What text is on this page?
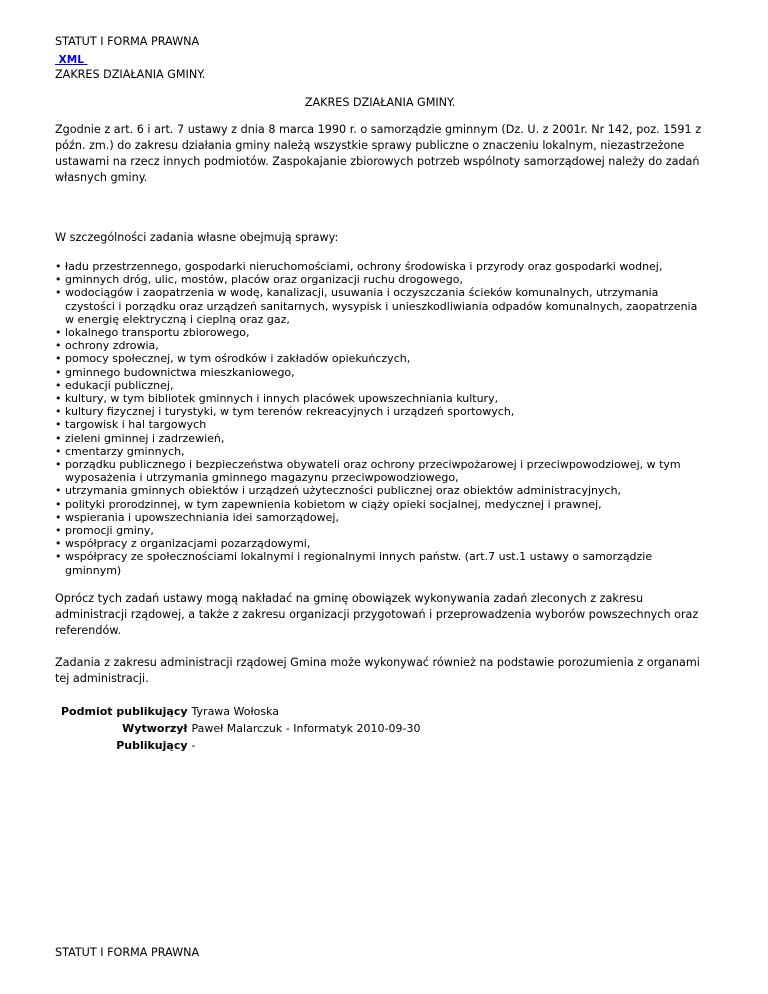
STATUT I FORMA PRAWNA
XML
ZAKRES DZIAŁANIA GMINY.
ZAKRES DZIAŁANIA GMINY.

Zgodnie z art. 6 i art. 7 ustawy z dnia 8 marca 1990 r. o samorządzie gminnym (Dz. U. z 2001r. Nr 142, poz. 1591 z późn. zm.) do zakresu działania gminy należą wszystkie sprawy publiczne o znaczeniu lokalnym, niezastrzeżone ustawami na rzecz innych podmiotów. Zaspokajanie zbiorowych potrzeb wspólnoty samorządowej należy do zadań własnych gminy.

W szczególności zadania własne obejmują sprawy:

• ładu przestrzennego, gospodarki nieruchomościami, ochrony środowiska i przyrody oraz gospodarki wodnej,
• gminnych dróg, ulic, mostów, placów oraz organizacji ruchu drogowego,
• wodociągów i zaopatrzenia w wodę, kanalizacji, usuwania i oczyszczania ścieków komunalnych, utrzymania czystości i porządku oraz urządzeń sanitarnych, wysypisk i unieszkodliwiania odpadów komunalnych, zaopatrzenia w energię elektryczną i cieplną oraz gaz,
• lokalnego transportu zbiorowego,
• ochrony zdrowia,
• pomocy społecznej, w tym ośrodków i zakładów opiekuńczych,
• gminnego budownictwa mieszkaniowego,
• edukacji publicznej,
• kultury, w tym bibliotek gminnych i innych placówek upowszechniania kultury,
• kultury fizycznej i turystyki, w tym terenów rekreacyjnych i urządzeń sportowych,
• targowisk i hal targowych
• zieleni gminnej i zadrzewień,
• cmentarzy gminnych,
• porządku publicznego i bezpieczeństwa obywateli oraz ochrony przeciwpożarowej i przeciwpowodziowej, w tym wyposażenia i utrzymania gminnego magazynu przeciwpowodziowego,
• utrzymania gminnych obiektów i urządzeń użyteczności publicznej oraz obiektów administracyjnych,
• polityki prorodzinnej, w tym zapewnienia kobietom w ciąży opieki socjalnej, medycznej i prawnej,
• wspierania i upowszechniania idei samorządowej,
• promocji gminy,
• współpracy z organizacjami pozarządowymi,
• współpracy ze społecznościami lokalnymi i regionalnymi innych państw. (art.7 ust.1 ustawy o samorządzie gminnym)

Oprócz tych zadań ustawy mogą nakładać na gminę obowiązek wykonywania zadań zleconych z zakresu administracji rządowej, a także z zakresu organizacji przygotowań i przeprowadzenia wyborów powszechnych oraz referendów.

Zadania z zakresu administracji rządowej Gmina może wykonywać również na podstawie porozumienia z organami tej administracji.

Podmiot publikujący	Tyrawa Wołoska
Wytworzył	Paweł Malarczuk - Informatyk 2010-09-30
Publikujący	-
STATUT I FORMA PRAWNA
